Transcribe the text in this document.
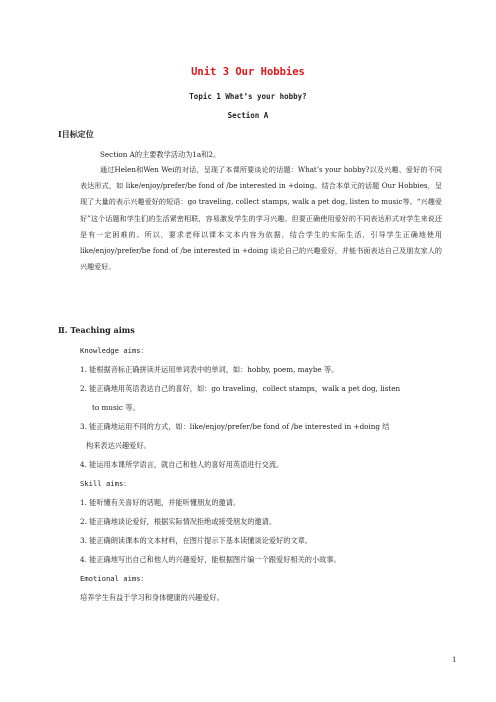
Unit 3 Our Hobbies
Topic 1 What’s your hobby?
Section A
Ⅰ目标定位
Section A的主要教学活动为1a和2。
通过Helen和Wen Wei的对话，呈现了本课所要谈论的话题：What’s your hobby?以及兴趣、爱好的不同表达形式，如 like/enjoy/prefer/be fond of /be interested in +doing。结合本单元的话题 Our Hobbies，呈现了大量的表示兴趣爱好的短语：go traveling, collect stamps, walk a pet dog, listen to music等。“兴趣爱好”这个话题和学生们的生活紧密相联，容易激发学生的学习兴趣。但要正确使用爱好的不同表达形式对学生来说还是有一定困难的。所以，要求老师以课本文本内容为依据，结合学生的实际生活，引导学生正确地使用like/enjoy/prefer/be fond of /be interested in +doing 谈论自己的兴趣爱好，并能书面表达自己及朋友家人的兴趣爱好。
Ⅱ. Teaching aims
Knowledge aims：
1. 能根据音标正确拼读并运用单词表中的单词，如：hobby, poem, maybe 等。
2. 能正确地用英语表达自己的喜好，如：go traveling，collect stamps，walk a pet dog, listen
to music 等。
3. 能正确地运用不同的方式，如：like/enjoy/prefer/be fond of /be interested in +doing 结
构来表达兴趣爱好。
4. 能运用本课所学语言，就自己和他人的喜好用英语进行交流。
Skill aims：
1. 能听懂有关喜好的话题，并能听懂朋友的邀请。
2. 能正确地谈论爱好，根据实际情况拒绝或接受朋友的邀请。
3. 能正确朗读课本的文本材料，在图片提示下基本读懂谈论爱好的文章。
4. 能正确地写出自己和他人的兴趣爱好，能根据图片编一个跟爱好相关的小故事。
Emotional aims：
培养学生有益于学习和身体健康的兴趣爱好。
1
